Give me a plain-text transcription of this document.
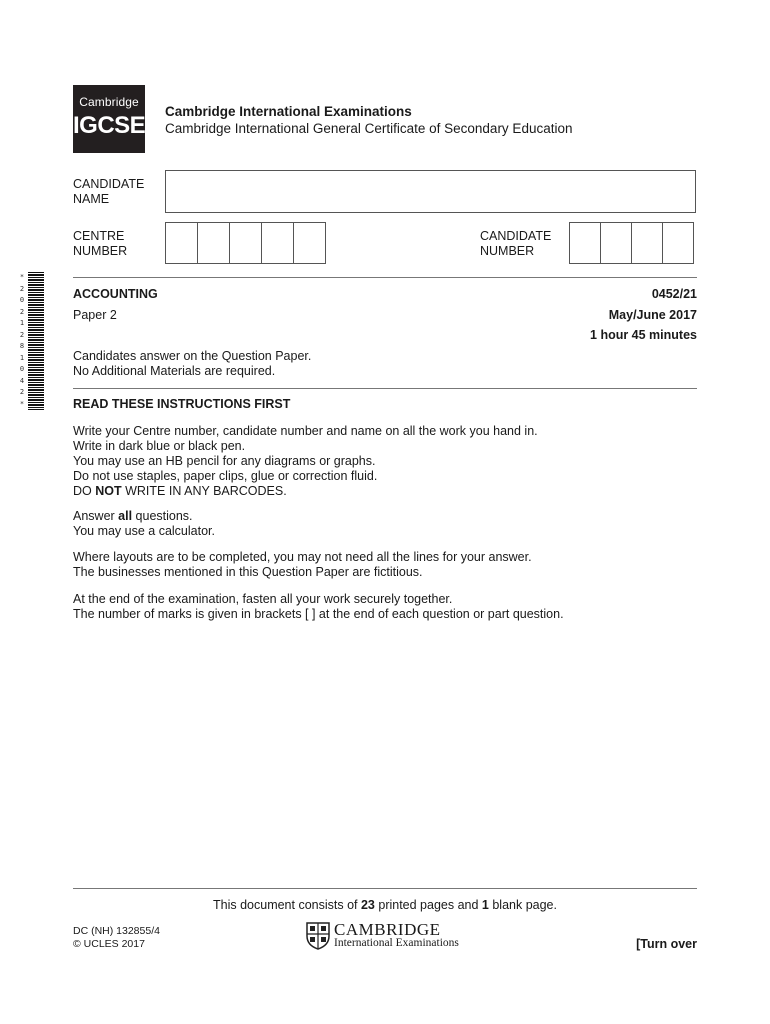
Cambridge
IGCSE
Cambridge International Examinations
Cambridge International General Certificate of Secondary Education
CANDIDATE
NAME
CENTRE
NUMBER
CANDIDATE
NUMBER
*
2
0
2
1
2
8
1
0
4
2
*
ACCOUNTING	0452/21
Paper 2	May/June 2017
1 hour 45 minutes
Candidates answer on the Question Paper.
No Additional Materials are required.
READ THESE INSTRUCTIONS FIRST
Write your Centre number, candidate number and name on all the work you hand in.
Write in dark blue or black pen.
You may use an HB pencil for any diagrams or graphs.
Do not use staples, paper clips, glue or correction fluid.
DO NOT WRITE IN ANY BARCODES.
Answer all questions.
You may use a calculator.
Where layouts are to be completed, you may not need all the lines for your answer.
The businesses mentioned in this Question Paper are fictitious.
At the end of the examination, fasten all your work securely together.
The number of marks is given in brackets [ ] at the end of each question or part question.
This document consists of 23 printed pages and 1 blank page.
DC (NH) 132855/4
© UCLES 2017
CAMBRIDGE
International Examinations	[Turn over
